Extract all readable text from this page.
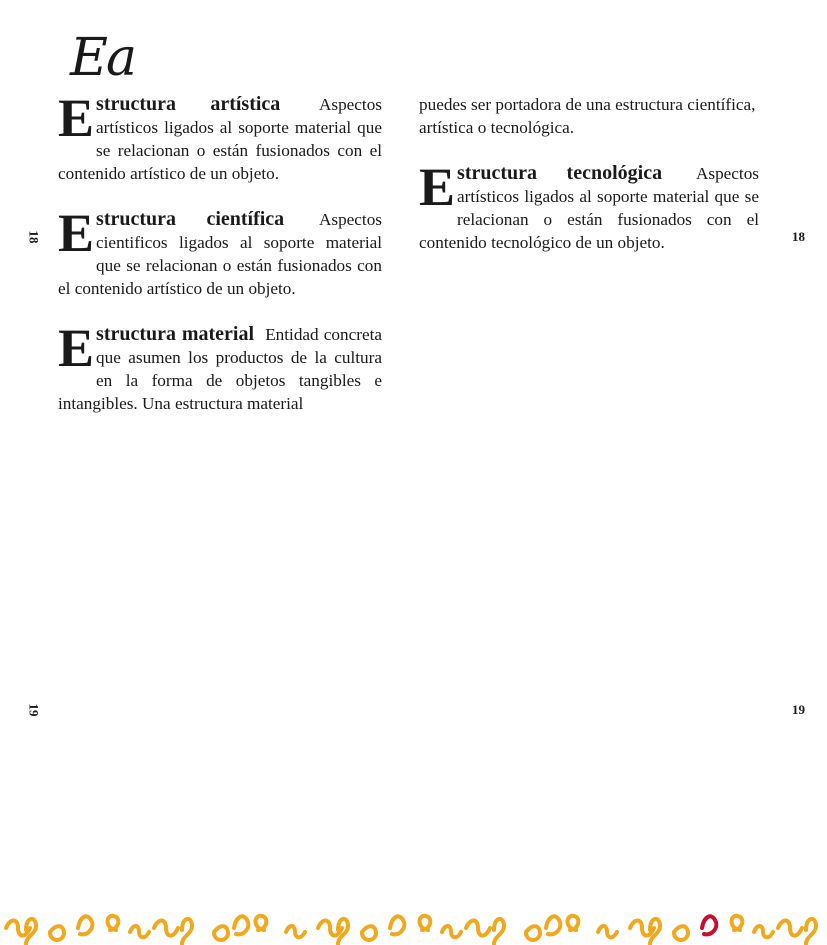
Ea

E structura artística Aspectos artísticos ligados al soporte material que se relacionan o están fusionados con el contenido artístico de un objeto.

E structura científica Aspectos cientificos ligados al soporte material que se relacionan o están fusionados con el contenido artístico de un objeto.

E structura material Entidad concreta que asumen los productos de la cultura en la forma de objetos tangibles e intangibles. Una estructura material

puedes ser portadora de una estructura científica, artística o tecnológica.

E structura tecnológica Aspectos artísticos ligados al soporte material que se relacionan o están fusionados con el contenido tecnológico de un objeto.

18
19
18
19
